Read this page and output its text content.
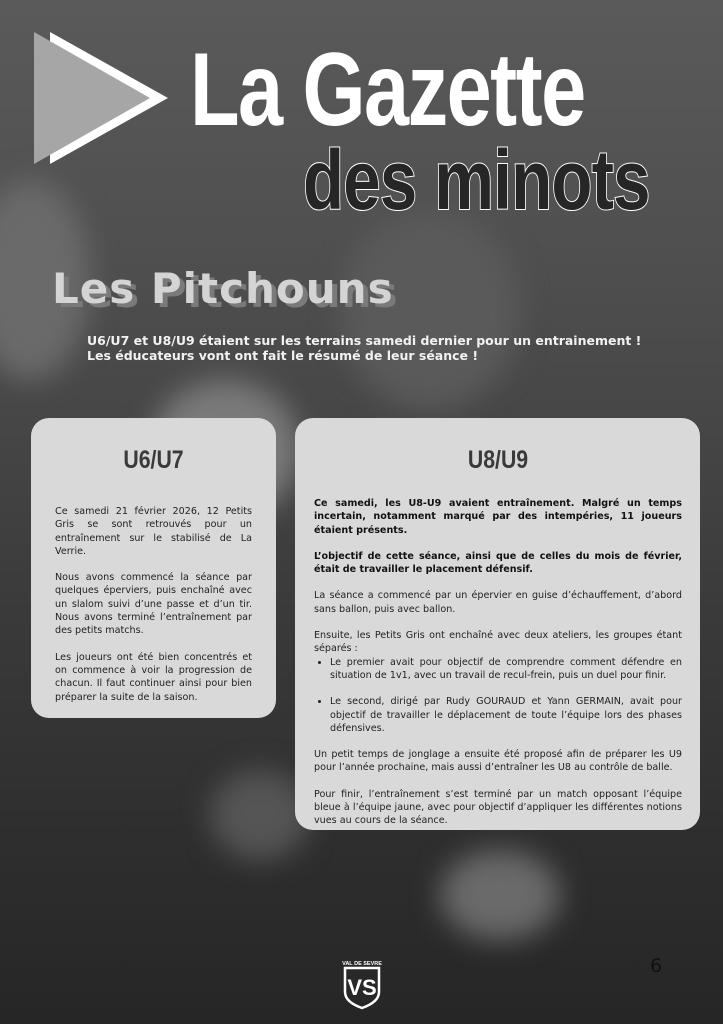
La Gazette
des minots
Les Pitchouns
U6/U7 et U8/U9 étaient sur les terrains samedi dernier pour un entrainement !
Les éducateurs vont ont fait le résumé de leur séance !
U6/U7

Ce samedi 21 février 2026, 12 Petits Gris se sont retrouvés pour un entraînement sur le stabilisé de La Verrie.

Nous avons commencé la séance par quelques éperviers, puis enchaîné avec un slalom suivi d’une passe et d’un tir. Nous avons terminé l’entraînement par des petits matchs.

Les joueurs ont été bien concentrés et on commence à voir la progression de chacun. Il faut continuer ainsi pour bien préparer la suite de la saison.

U8/U9

Ce samedi, les U8-U9 avaient entraînement. Malgré un temps incertain, notamment marqué par des intempéries, 11 joueurs étaient présents.

L’objectif de cette séance, ainsi que de celles du mois de février, était de travailler le placement défensif.

La séance a commencé par un épervier en guise d’échauffement, d’abord sans ballon, puis avec ballon.

Ensuite, les Petits Gris ont enchaîné avec deux ateliers, les groupes étant séparés :

• Le premier avait pour objectif de comprendre comment défendre en situation de 1v1, avec un travail de recul-frein, puis un duel pour finir.
• Le second, dirigé par Rudy GOURAUD et Yann GERMAIN, avait pour objectif de travailler le déplacement de toute l’équipe lors des phases défensives.

Un petit temps de jonglage a ensuite été proposé afin de préparer les U9 pour l’année prochaine, mais aussi d’entraîner les U8 au contrôle de balle.

Pour finir, l’entraînement s’est terminé par un match opposant l’équipe bleue à l’équipe jaune, avec pour objectif d’appliquer les différentes notions vues au cours de la séance.

VS
VAL DE SEVRE	6
